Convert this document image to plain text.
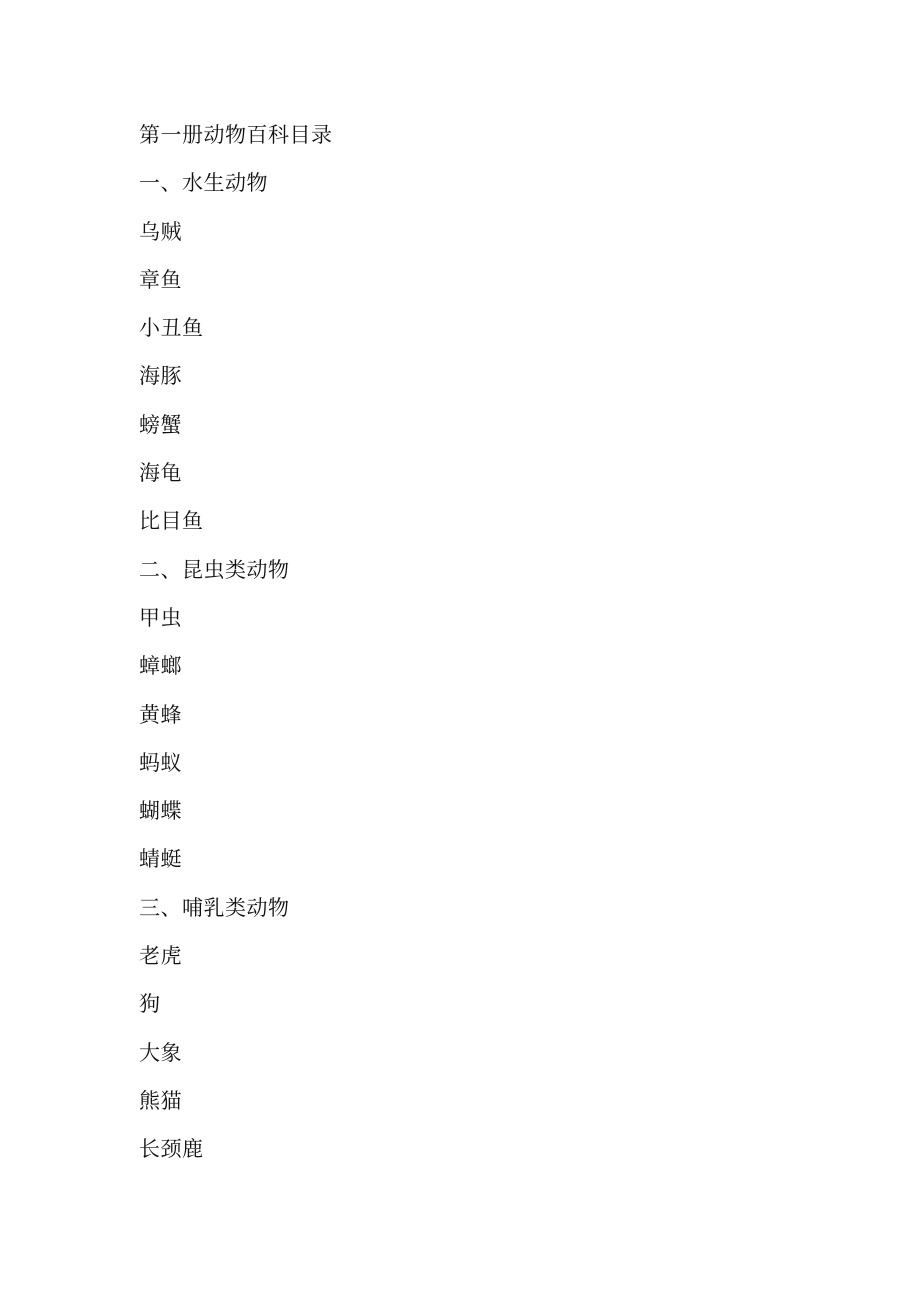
第一册动物百科目录
一、水生动物
乌贼
章鱼
小丑鱼
海豚
螃蟹
海龟
比目鱼
二、昆虫类动物
甲虫
蟑螂
黄蜂
蚂蚁
蝴蝶
蜻蜓
三、哺乳类动物
老虎
狗
大象
熊猫
长颈鹿
